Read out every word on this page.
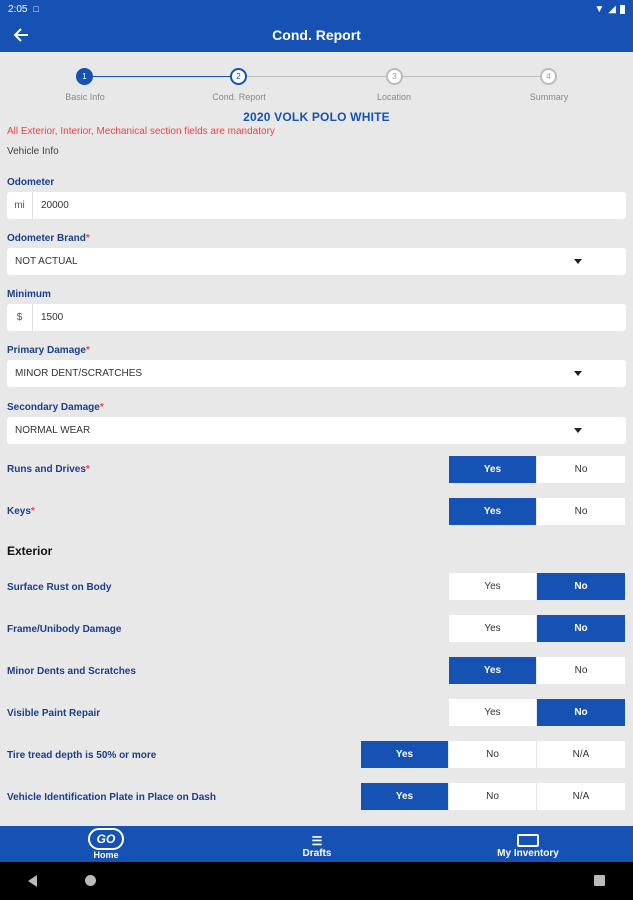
2:05 □	▼ ◢
Cond. Report
1	2	3	4
Basic Info	Cond. Report	Location	Summary
2020 VOLK POLO WHITE
All Exterior, Interior, Mechanical section fields are mandatory
Vehicle Info
Odometer
mi	20000
Odometer Brand*
NOT ACTUAL
Minimum
$	1500
Primary Damage*
MINOR DENT/SCRATCHES
Secondary Damage*
NORMAL WEAR
Runs and Drives*	Yes	No
Keys*	Yes	No
Exterior
Surface Rust on Body	Yes	No
Frame/Unibody Damage	Yes	No
Minor Dents and Scratches	Yes	No
Visible Paint Repair	Yes	No
Tire tread depth is 50% or more	Yes	No	N/A
Vehicle Identification Plate in Place on Dash	Yes	No	N/A
GO
Home
☰
Drafts	My Inventory
